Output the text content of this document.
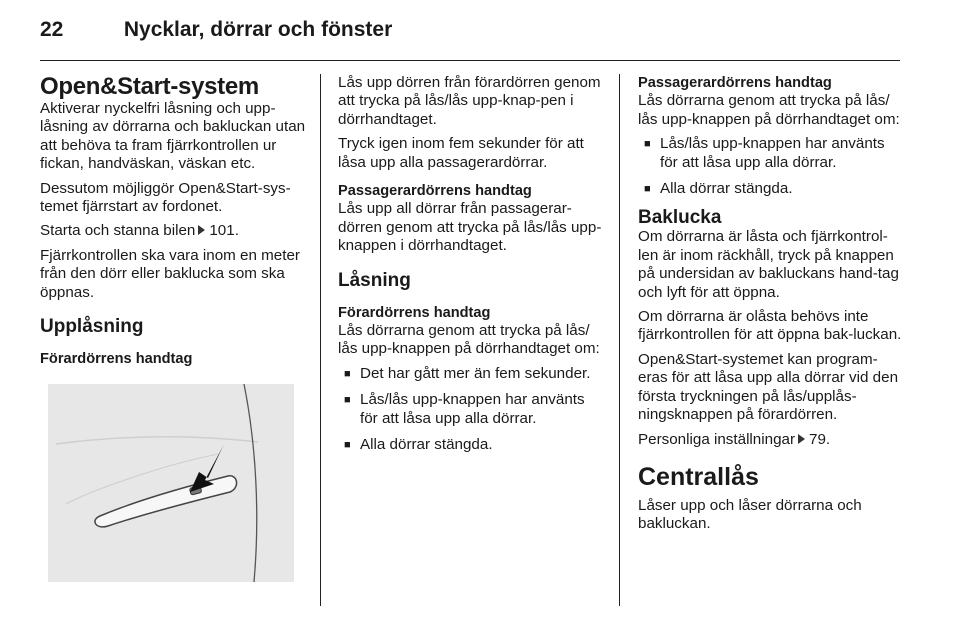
22	Nycklar, dörrar och fönster
Open&Start-system

Aktiverar nyckelfri låsning och upp-låsning av dörrarna och bakluckan utan att behöva ta fram fjärrkontrollen ur fickan, handväskan, väskan etc.

Dessutom möjliggör Open&Start-sys-temet fjärrstart av fordonet.

Starta och stanna bilen 101.

Fjärrkontrollen ska vara inom en meter från den dörr eller baklucka som ska öppnas.

Upplåsning
Förardörrens handtag

Lås upp dörren från förardörren genom att trycka på lås/lås upp-knap-pen i dörrhandtaget.

Tryck igen inom fem sekunder för att låsa upp alla passagerardörrar.

Passagerardörrens handtag

Lås upp all dörrar från passagerar-dörren genom att trycka på lås/lås upp-knappen i dörrhandtaget.

Låsning
Förardörrens handtag

Lås dörrarna genom att trycka på lås/ lås upp-knappen på dörrhandtaget om:

■ Det har gått mer än fem sekunder.
■ Lås/lås upp-knappen har använts för att låsa upp alla dörrar.
■ Alla dörrar stängda.
Passagerardörrens handtag

Lås dörrarna genom att trycka på lås/ lås upp-knappen på dörrhandtaget om:

■ Lås/lås upp-knappen har använts för att låsa upp alla dörrar.
■ Alla dörrar stängda.
Baklucka

Om dörrarna är låsta och fjärrkontrol-len är inom räckhåll, tryck på knappen på undersidan av bakluckans hand-tag och lyft för att öppna.

Om dörrarna är olåsta behövs inte fjärrkontrollen för att öppna bak-luckan.

Open&Start-systemet kan program-eras för att låsa upp alla dörrar vid den första tryckningen på lås/upplås-ningsknappen på förardörren.

Personliga inställningar 79.

Centrallås

Låser upp och låser dörrarna och bakluckan.
